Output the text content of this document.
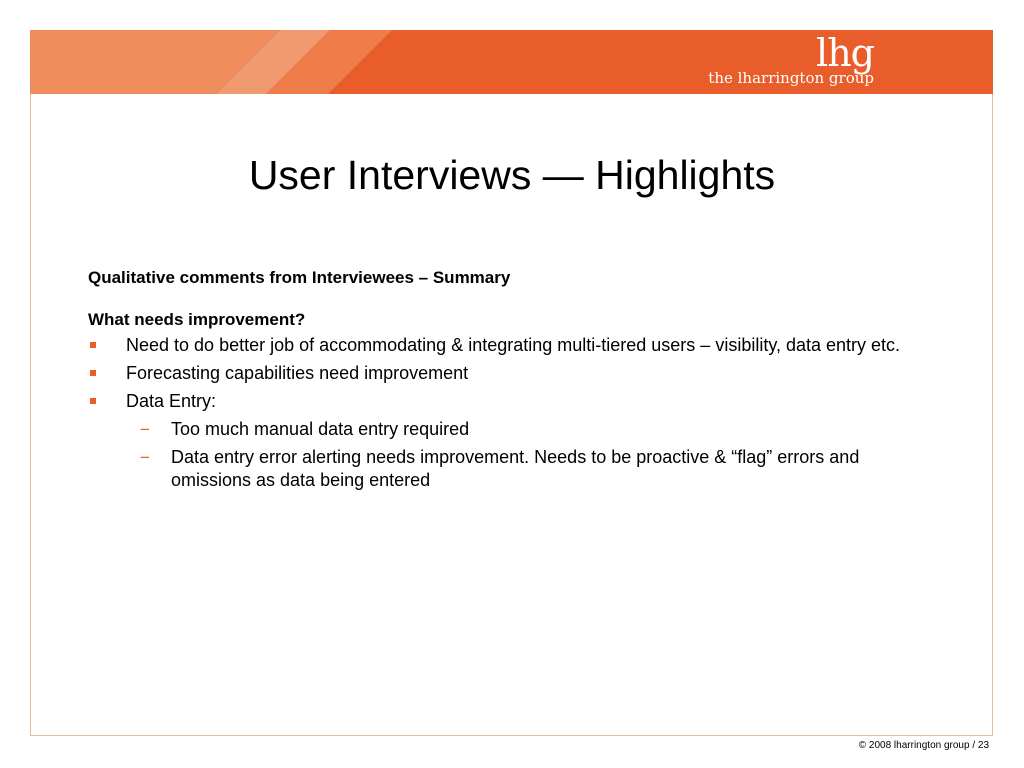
lhg
the lharrington group
User Interviews — Highlights
Qualitative comments from Interviewees – Summary
What needs improvement?
Need to do better job of accommodating & integrating multi-tiered users – visibility, data entry etc.
Forecasting capabilities need improvement
Data Entry:
− Too much manual data entry required
− Data entry error alerting needs improvement. Needs to be proactive & “flag” errors and omissions as data being entered
© 2008 lharrington group / 23
